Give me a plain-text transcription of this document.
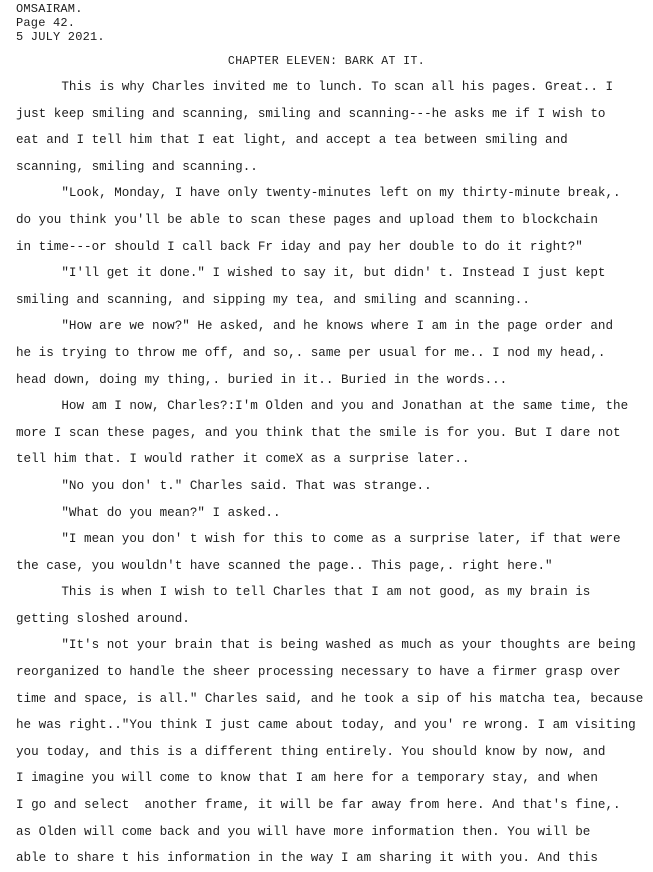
OMSAIRAM.
Page 42.
5 JULY 2021.
CHAPTER ELEVEN: BARK AT IT.
This is why Charles invited me to lunch. To scan all his pages. Great.. I
just keep smiling and scanning, smiling and scanning---he asks me if I wish to
eat and I tell him that I eat light, and accept a tea between smiling and
scanning, smiling and scanning..
"Look, Monday, I have only twenty-minutes left on my thirty-minute break,.
do you think you'll be able to scan these pages and upload them to blockchain
in time---or should I call back Fr iday and pay her double to do it right?"
"I'll get it done." I wished to say it, but didn' t. Instead I just kept
smiling and scanning, and sipping my tea, and smiling and scanning..
"How are we now?" He asked, and he knows where I am in the page order and
he is trying to throw me off, and so,. same per usual for me.. I nod my head,.
head down, doing my thing,. buried in it.. Buried in the words...
How am I now, Charles?:I'm Olden and you and Jonathan at the same time, the
more I scan these pages, and you think that the smile is for you. But I dare not
tell him that. I would rather it comeX as a surprise later..
"No you don' t." Charles said. That was strange..
"What do you mean?" I asked..
"I mean you don' t wish for this to come as a surprise later, if that were
the case, you wouldn't have scanned the page.. This page,. right here."
This is when I wish to tell Charles that I am not good, as my brain is
getting sloshed around.
"It's not your brain that is being washed as much as your thoughts are being
reorganized to handle the sheer processing necessary to have a firmer grasp over
time and space, is all." Charles said, and he took a sip of his matcha tea, because
he was right.."You think I just came about today, and you' re wrong. I am visiting
you today, and this is a different thing entirely. You should know by now, and
I imagine you will come to know that I am here for a temporary stay, and when
I go and select  another frame, it will be far away from here. And that's fine,.
as Olden will come back and you will have more information then. You will be
able to share t his information in the way I am sharing it with you. And this
